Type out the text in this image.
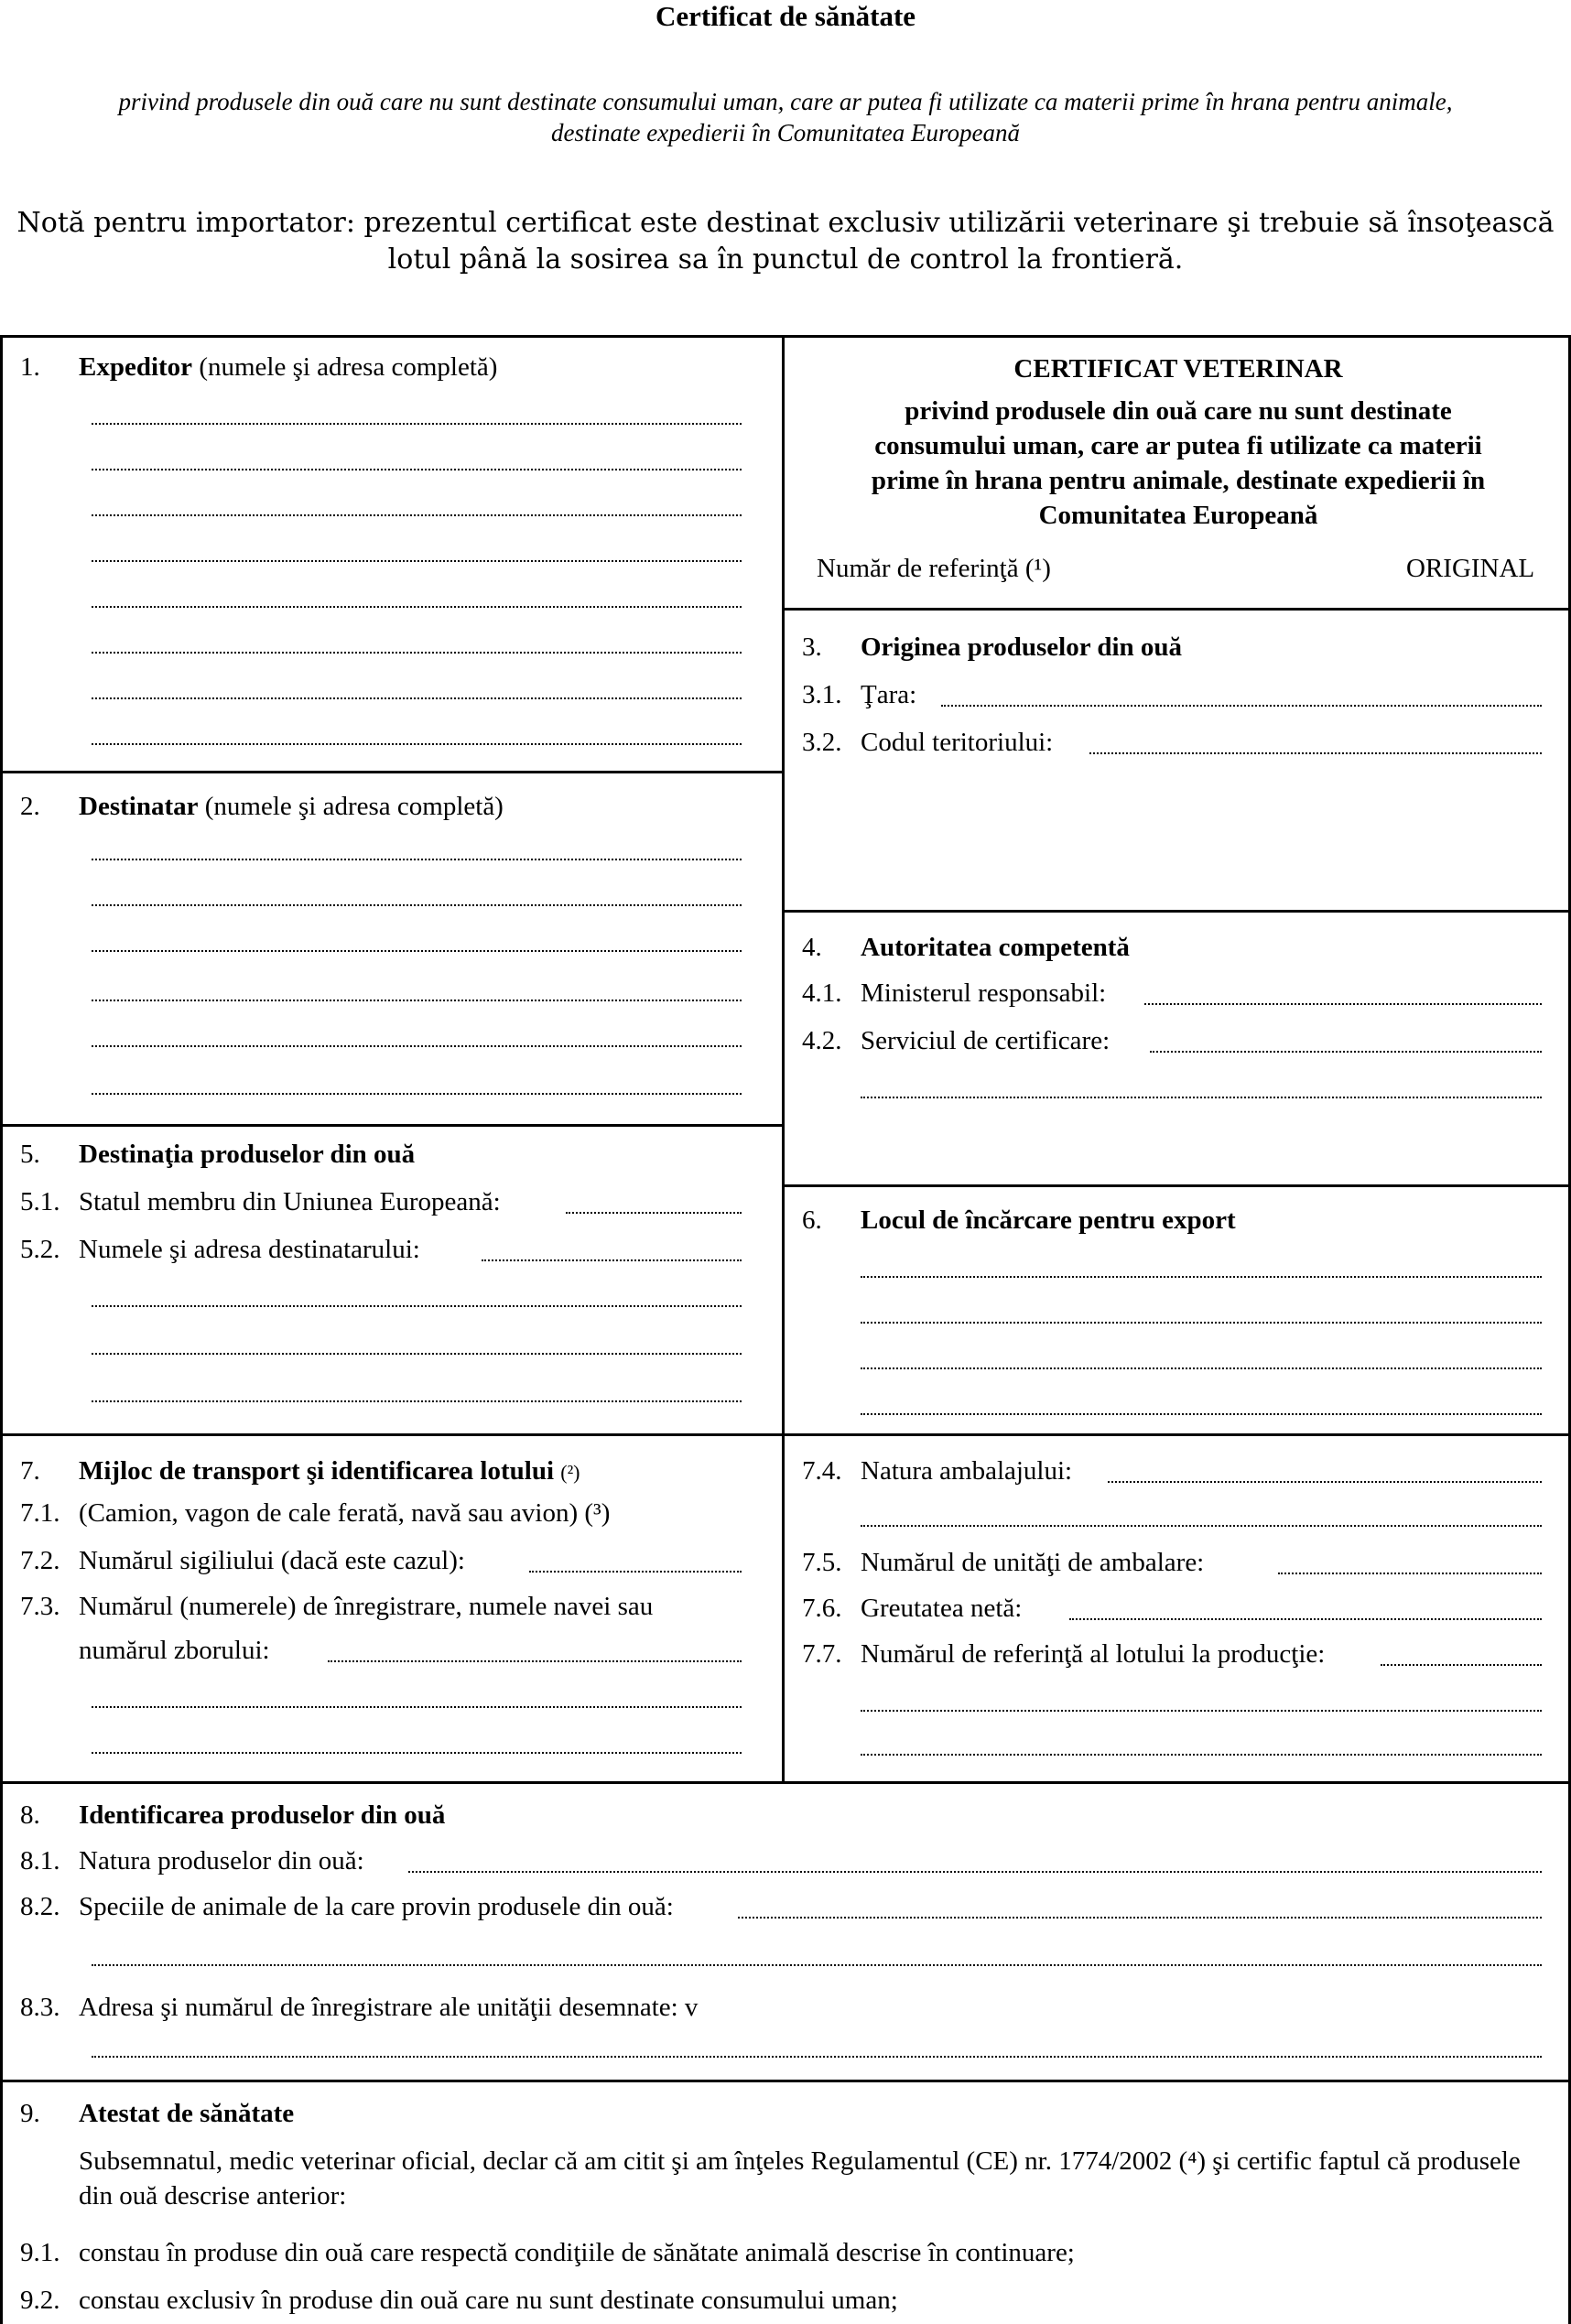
Certificat de sănătate
privind produsele din ouă care nu sunt destinate consumului uman, care ar putea fi utilizate ca materii prime în hrana pentru animale,
destinate expedierii în Comunitatea Europeană
Notă pentru importator: prezentul certificat este destinat exclusiv utilizării veterinare şi trebuie să însoţească
lotul până la sosirea sa în punctul de control la frontieră.
1. Expeditor (numele şi adresa completă)	CERTIFICAT VETERINAR
privind produsele din ouă care nu sunt destinate
consumului uman, care ar putea fi utilizate ca materii
prime în hrana pentru animale, destinate expedierii în
Comunitatea Europeană
Număr de referinţă (¹)	ORIGINAL
3. Originea produselor din ouă
3.1. Ţara:
3.2. Codul teritoriului:
2. Destinatar (numele şi adresa completă)
4. Autoritatea competentă
4.1. Ministerul responsabil:
4.2. Serviciul de certificare:
5. Destinaţia produselor din ouă
5.1. Statul membru din Uniunea Europeană:
5.2. Numele şi adresa destinatarului:
6. Locul de încărcare pentru export
7. Mijloc de transport şi identificarea lotului (²)
7.1. (Camion, vagon de cale ferată, navă sau avion) (³)
7.2. Numărul sigiliului (dacă este cazul):
7.3. Numărul (numerele) de înregistrare, numele navei sau
numărul zborului:
7.4. Natura ambalajului:
7.5. Numărul de unităţi de ambalare:
7.6. Greutatea netă:
7.7. Numărul de referinţă al lotului la producţie:
8. Identificarea produselor din ouă
8.1. Natura produselor din ouă:
8.2. Speciile de animale de la care provin produsele din ouă:
8.3. Adresa şi numărul de înregistrare ale unităţii desemnate: v
9. Atestat de sănătate
Subsemnatul, medic veterinar oficial, declar că am citit şi am înţeles Regulamentul (CE) nr. 1774/2002 (⁴) şi certific faptul că produsele din ouă descrise anterior:
9.1. constau în produse din ouă care respectă condiţiile de sănătate animală descrise în continuare;
9.2. constau exclusiv în produse din ouă care nu sunt destinate consumului uman;
